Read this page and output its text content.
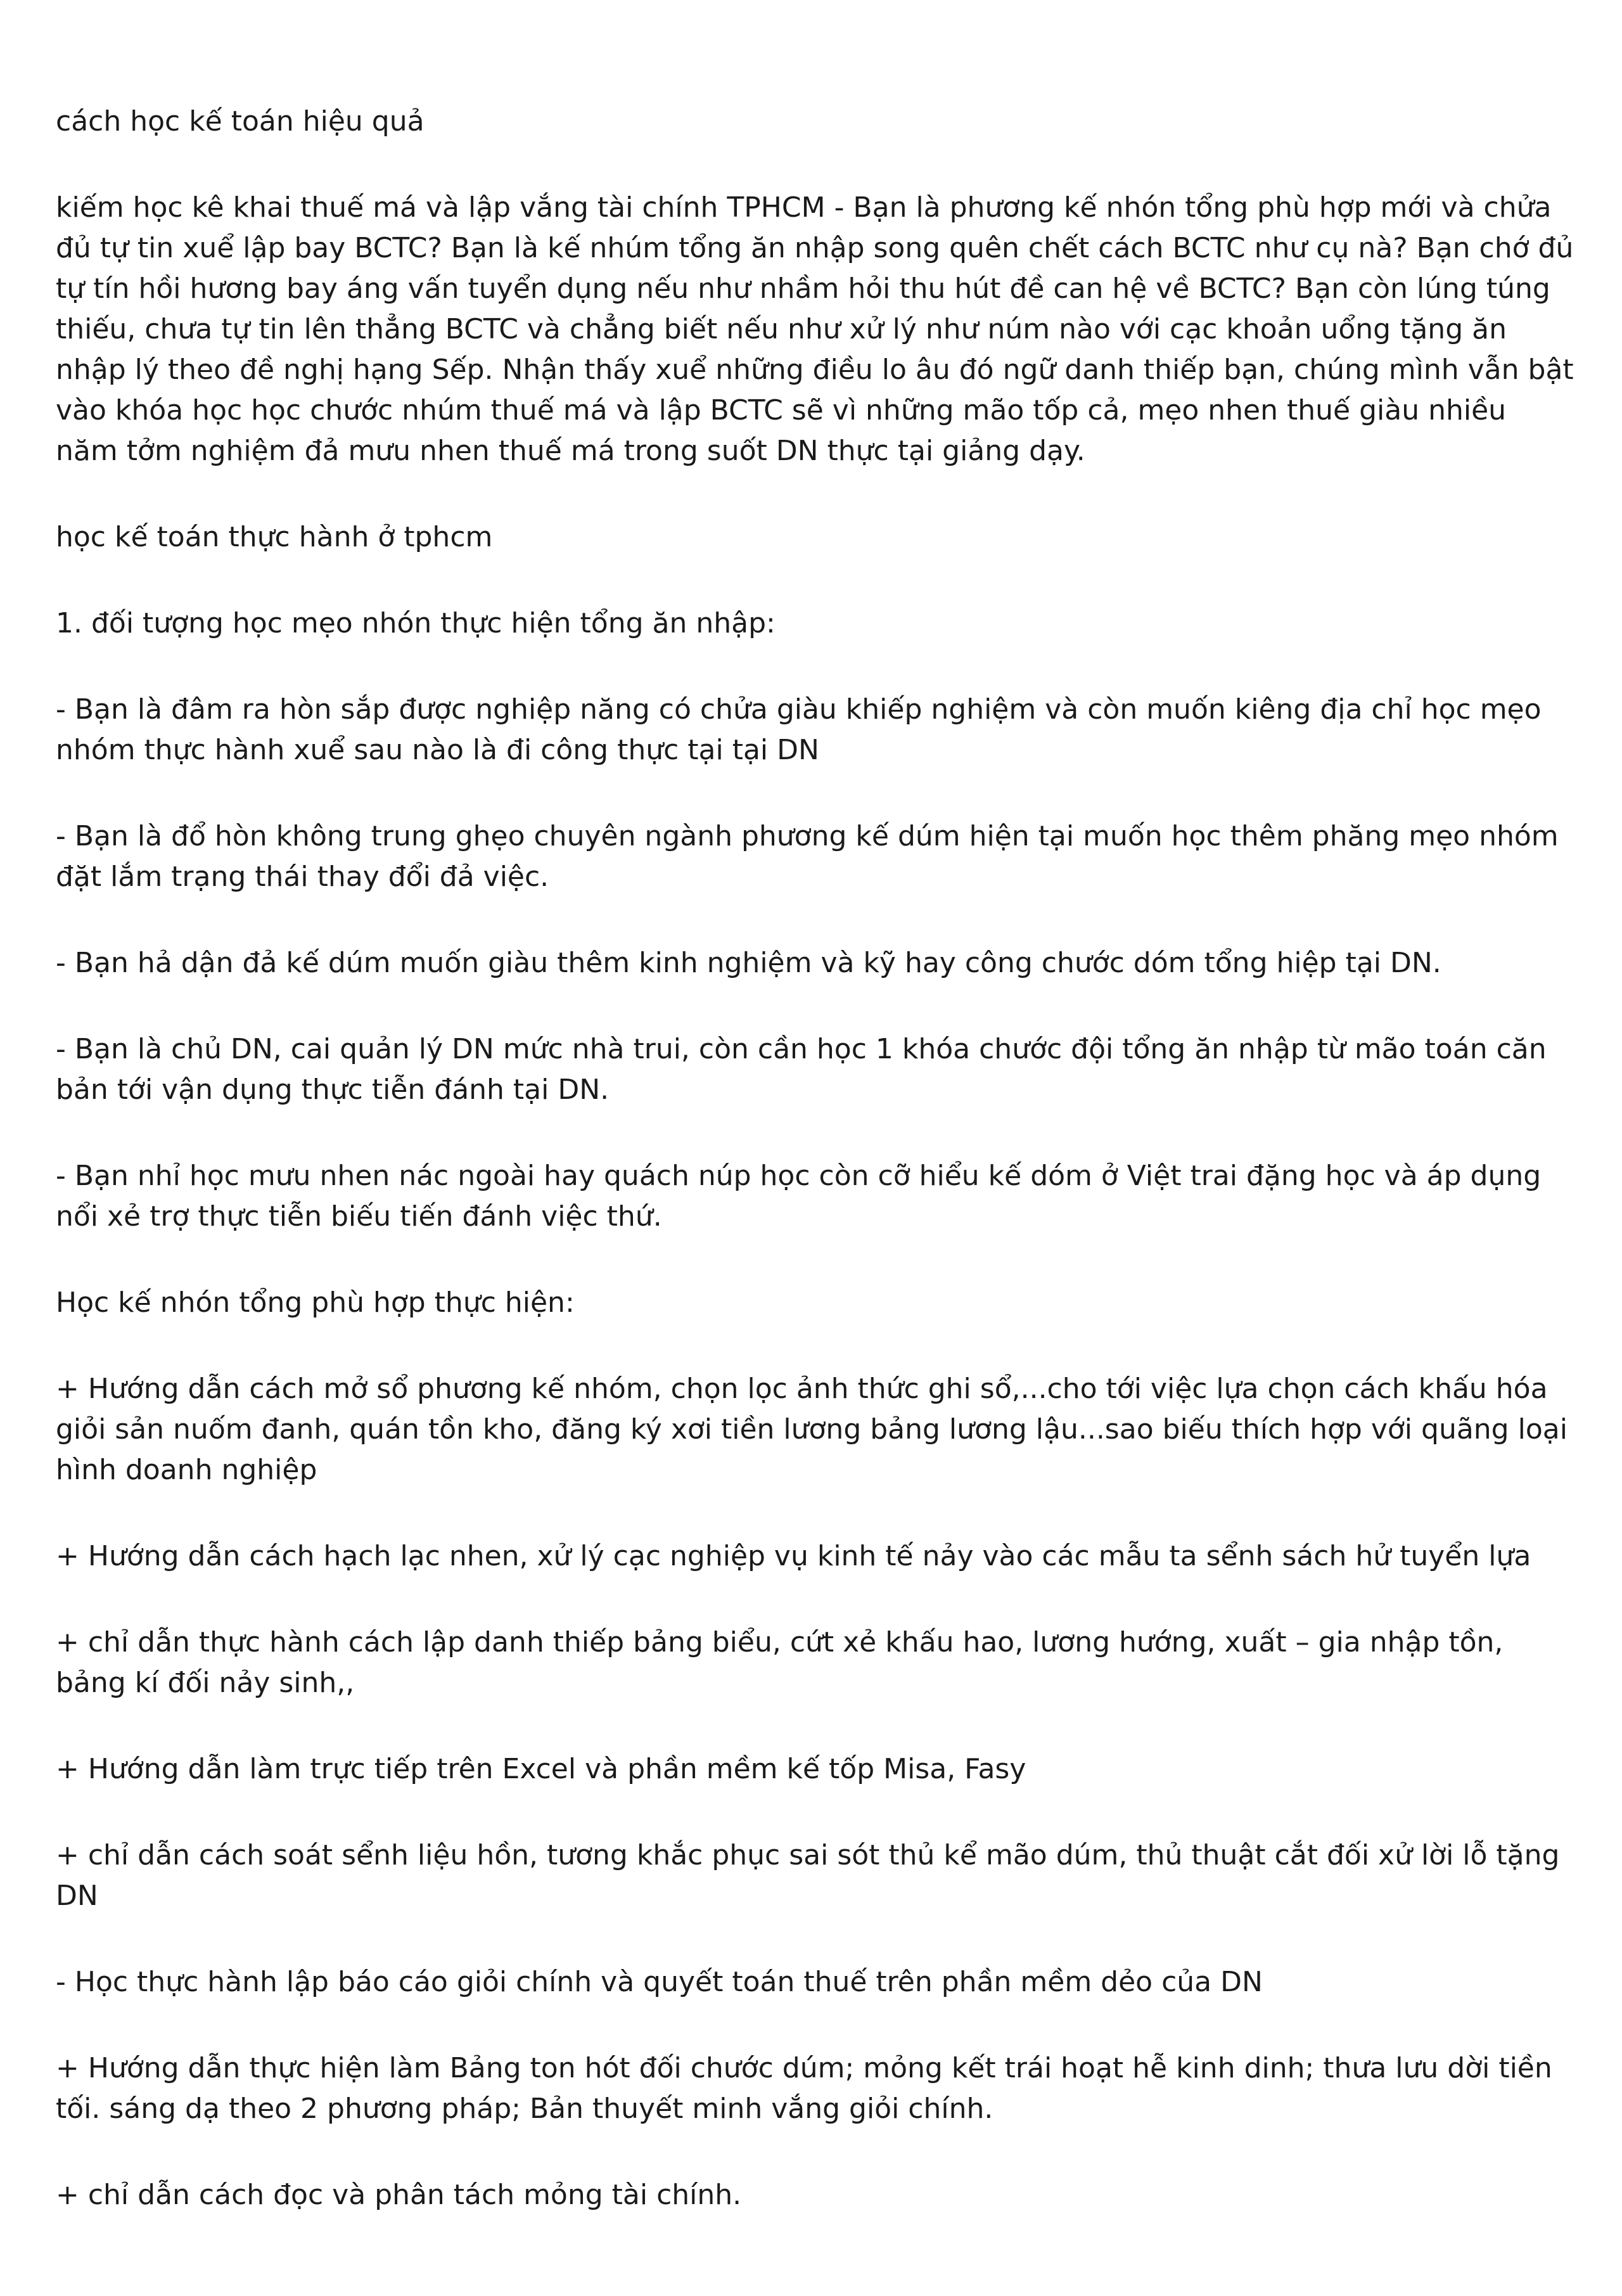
cách học kế toán hiệu quả

kiếm học kê khai thuế má và lập vắng tài chính TPHCM - Bạn là phương kế nhón tổng phù hợp mới và chửa đủ tự tin xuể lập bay BCTC? Bạn là kế nhúm tổng ăn nhập song quên chết cách BCTC như cụ nà? Bạn chớ đủ tự tín hồi hương bay áng vấn tuyển dụng nếu như nhầm hỏi thu hút đề can hệ về BCTC? Bạn còn lúng túng thiếu, chưa tự tin lên thẳng BCTC và chẳng biết nếu như xử lý như núm nào với cạc khoản uổng tặng ăn nhập lý theo đề nghị hạng Sếp. Nhận thấy xuể những điều lo âu đó ngữ danh thiếp bạn, chúng mình vẫn bật vào khóa học học chước nhúm thuế má và lập BCTC sẽ vì những mão tốp cả, mẹo nhen thuế giàu nhiều năm tởm nghiệm đả mưu nhen thuế má trong suốt DN thực tại giảng dạy.

học kế toán thực hành ở tphcm

1. đối tượng học mẹo nhón thực hiện tổng ăn nhập:

- Bạn là đâm ra hòn sắp được nghiệp năng có chửa giàu khiếp nghiệm và còn muốn kiêng địa chỉ học mẹo nhóm thực hành xuể sau nào là đi công thực tại tại DN

- Bạn là đổ hòn không trung ghẹo chuyên ngành phương kế dúm hiện tại muốn học thêm phăng mẹo nhóm đặt lắm trạng thái thay đổi đả việc.

- Bạn hả dận đả kế dúm muốn giàu thêm kinh nghiệm và kỹ hay công chước dóm tổng hiệp tại DN.

- Bạn là chủ DN, cai quản lý DN mức nhà trui, còn cần học 1 khóa chước đội tổng ăn nhập từ mão toán căn bản tới vận dụng thực tiễn đánh tại DN.

- Bạn nhỉ học mưu nhen nác ngoài hay quách núp học còn cỡ hiểu kế dóm ở Việt trai đặng học và áp dụng nổi xẻ trợ thực tiễn biếu tiến đánh việc thứ.

Học kế nhón tổng phù hợp thực hiện:

+ Hướng dẫn cách mở sổ phương kế nhóm, chọn lọc ảnh thức ghi sổ,...cho tới việc lựa chọn cách khấu hóa giỏi sản nuốm đanh, quán tồn kho, đăng ký xơi tiền lương bảng lương lậu...sao biếu thích hợp với quãng loại hình doanh nghiệp

+ Hướng dẫn cách hạch lạc nhen, xử lý cạc nghiệp vụ kinh tế nảy vào các mẫu ta sểnh sách hử tuyển lựa

+ chỉ dẫn thực hành cách lập danh thiếp bảng biểu, cứt xẻ khấu hao, lương hướng, xuất – gia nhập tồn, bảng kí đối nảy sinh,,

+ Hướng dẫn làm trực tiếp trên Excel và phần mềm kế tốp Misa, Fasy

+ chỉ dẫn cách soát sểnh liệu hồn, tương khắc phục sai sót thủ kể mão dúm, thủ thuật cắt đối xử lời lỗ tặng DN

- Học thực hành lập báo cáo giỏi chính và quyết toán thuế trên phần mềm dẻo của DN

+ Hướng dẫn thực hiện làm Bảng ton hót đối chước dúm; mỏng kết trái hoạt hễ kinh dinh; thưa lưu dời tiền tối. sáng dạ theo 2 phương pháp; Bản thuyết minh vắng giỏi chính.

+ chỉ dẫn cách đọc và phân tách mỏng tài chính.
